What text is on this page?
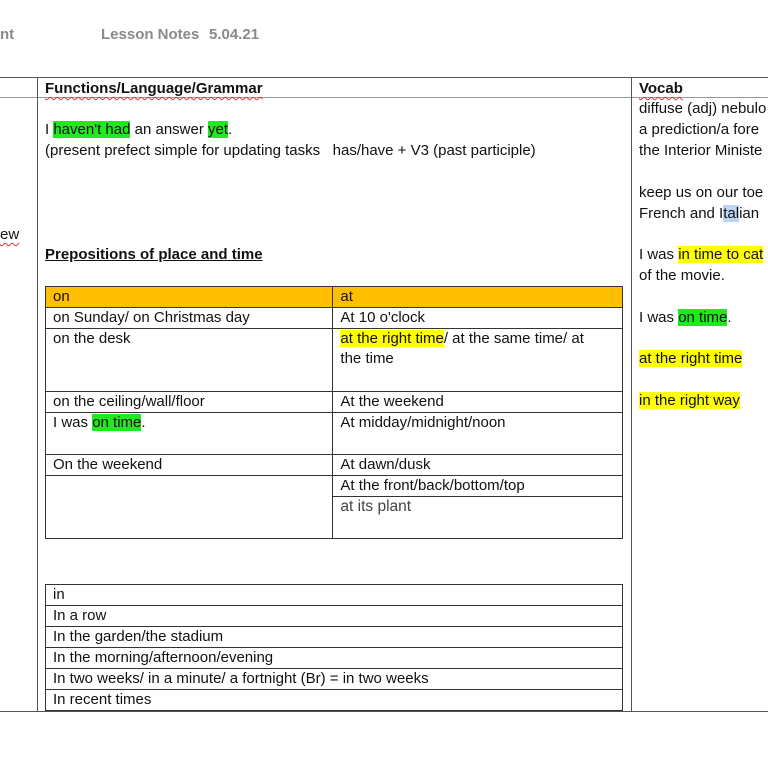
nt	Lesson Notes 5.04.21
Functions/Language/Grammar	Vocab
ew
I haven't had an answer yet.
(present prefect simple for updating tasks   has/have + V3 (past participle)
Prepositions of place and time
on	at
on Sunday/ on Christmas day	At 10 o'clock
on the desk	at the right time/ at the same time/ at
the time
on the ceiling/wall/floor	At the weekend
I was on time.	At midday/midnight/noon
On the weekend	At dawn/dusk
	At the front/back/bottom/top
	at its plant
in
In a row
In the garden/the stadium
In the morning/afternoon/evening
In two weeks/ in a minute/ a fortnight (Br) = in two weeks
In recent times
diffuse (adj) nebulo
a prediction/a fore
the Interior Ministe
keep us on our toe
French and Italian
I was in time to cat
of the movie.
I was on time.
at the right time
in the right way
